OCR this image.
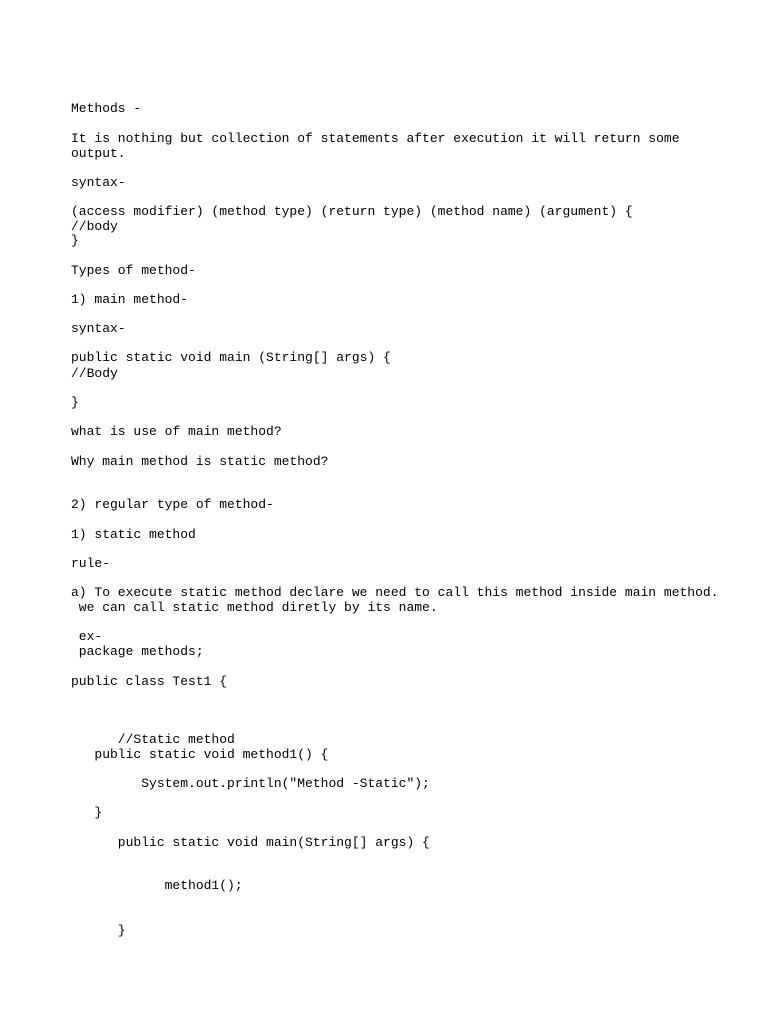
Methods -
It is nothing but collection of statements after execution it will return some
output.
syntax-
(access modifier) (method type) (return type) (method name) (argument) {
//body
}
Types of method-
1) main method-
syntax-
public static void main (String[] args) {
//Body
}
what is use of main method?
Why main method is static method?
2) regular type of method-
1) static method
rule-
a) To execute static method declare we need to call this method inside main method.
we can call static method diretly by its name.
ex-
package methods;
public class Test1 {
//Static method
public static void method1() {
System.out.println("Method -Static");
}
public static void main(String[] args) {
method1();
}
